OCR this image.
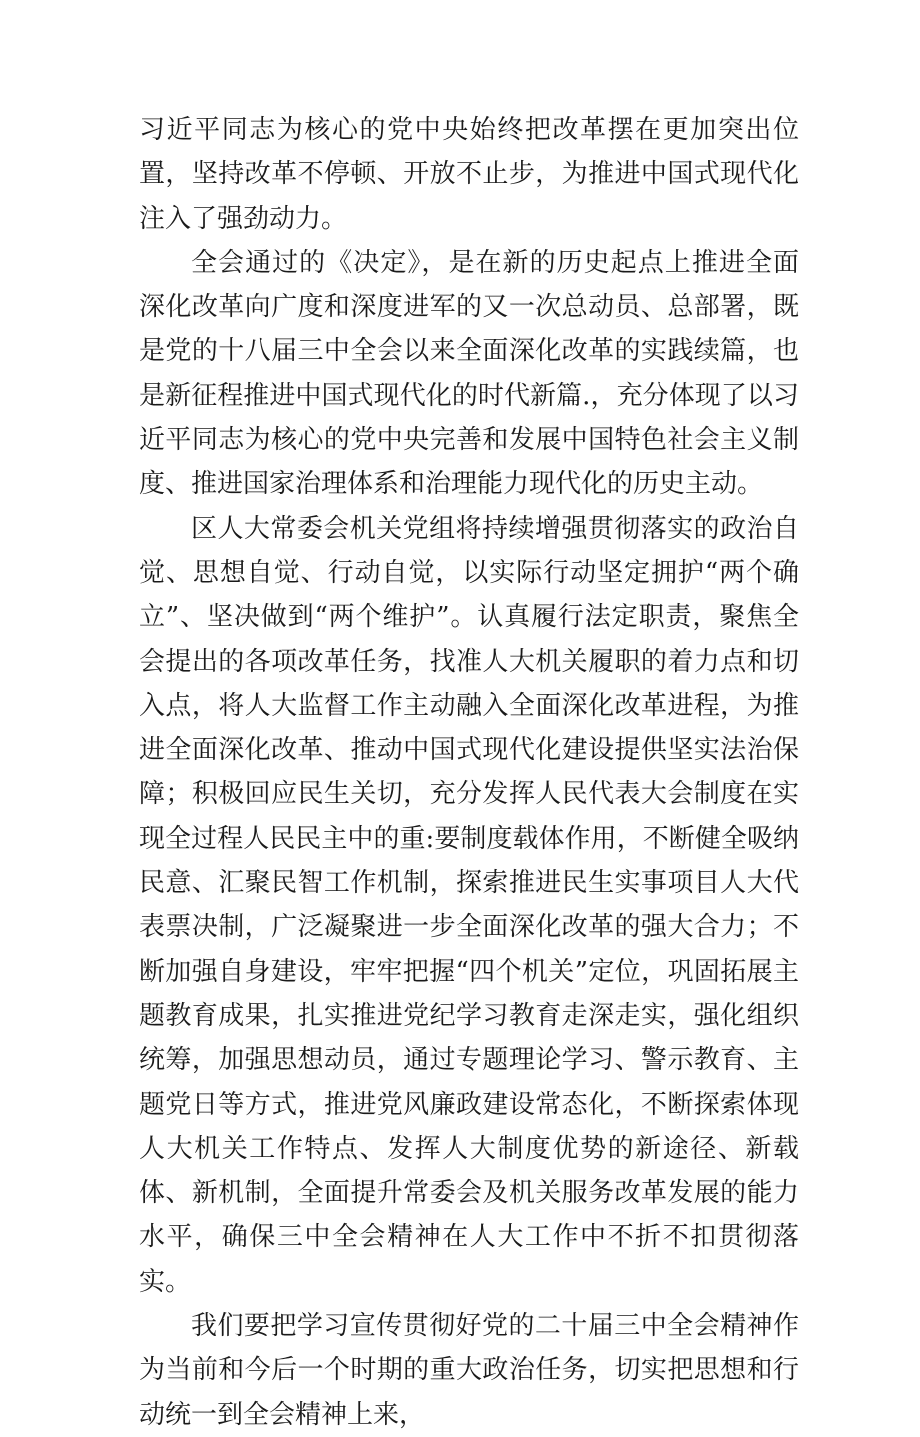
习近平同志为核心的党中央始终把改革摆在更加突出位置，坚持改革不停顿、开放不止步，为推进中国式现代化注入了强劲动力。

全会通过的《决定》，是在新的历史起点上推进全面深化改革向广度和深度进军的又一次总动员、总部署，既是党的十八届三中全会以来全面深化改革的实践续篇，也是新征程推进中国式现代化的时代新篇.，充分体现了以习近平同志为核心的党中央完善和发展中国特色社会主义制度、推进国家治理体系和治理能力现代化的历史主动。

区人大常委会机关党组将持续增强贯彻落实的政治自觉、思想自觉、行动自觉，以实际行动坚定拥护“两个确立”、坚决做到“两个维护”。认真履行法定职责，聚焦全会提出的各项改革任务，找准人大机关履职的着力点和切入点，将人大监督工作主动融入全面深化改革进程，为推进全面深化改革、推动中国式现代化建设提供坚实法治保障；积极回应民生关切，充分发挥人民代表大会制度在实现全过程人民民主中的重:要制度载体作用，不断健全吸纳民意、汇聚民智工作机制，探索推进民生实事项目人大代表票决制，广泛凝聚进一步全面深化改革的强大合力；不断加强自身建设，牢牢把握“四个机关”定位，巩固拓展主题教育成果，扎实推进党纪学习教育走深走实，强化组织统筹，加强思想动员，通过专题理论学习、警示教育、主题党日等方式，推进党风廉政建设常态化，不断探索体现人大机关工作特点、发挥人大制度优势的新途径、新载体、新机制，全面提升常委会及机关服务改革发展的能力水平，确保三中全会精神在人大工作中不折不扣贯彻落实。

我们要把学习宣传贯彻好党的二十届三中全会精神作为当前和今后一个时期的重大政治任务，切实把思想和行动统一到全会精神上来，
